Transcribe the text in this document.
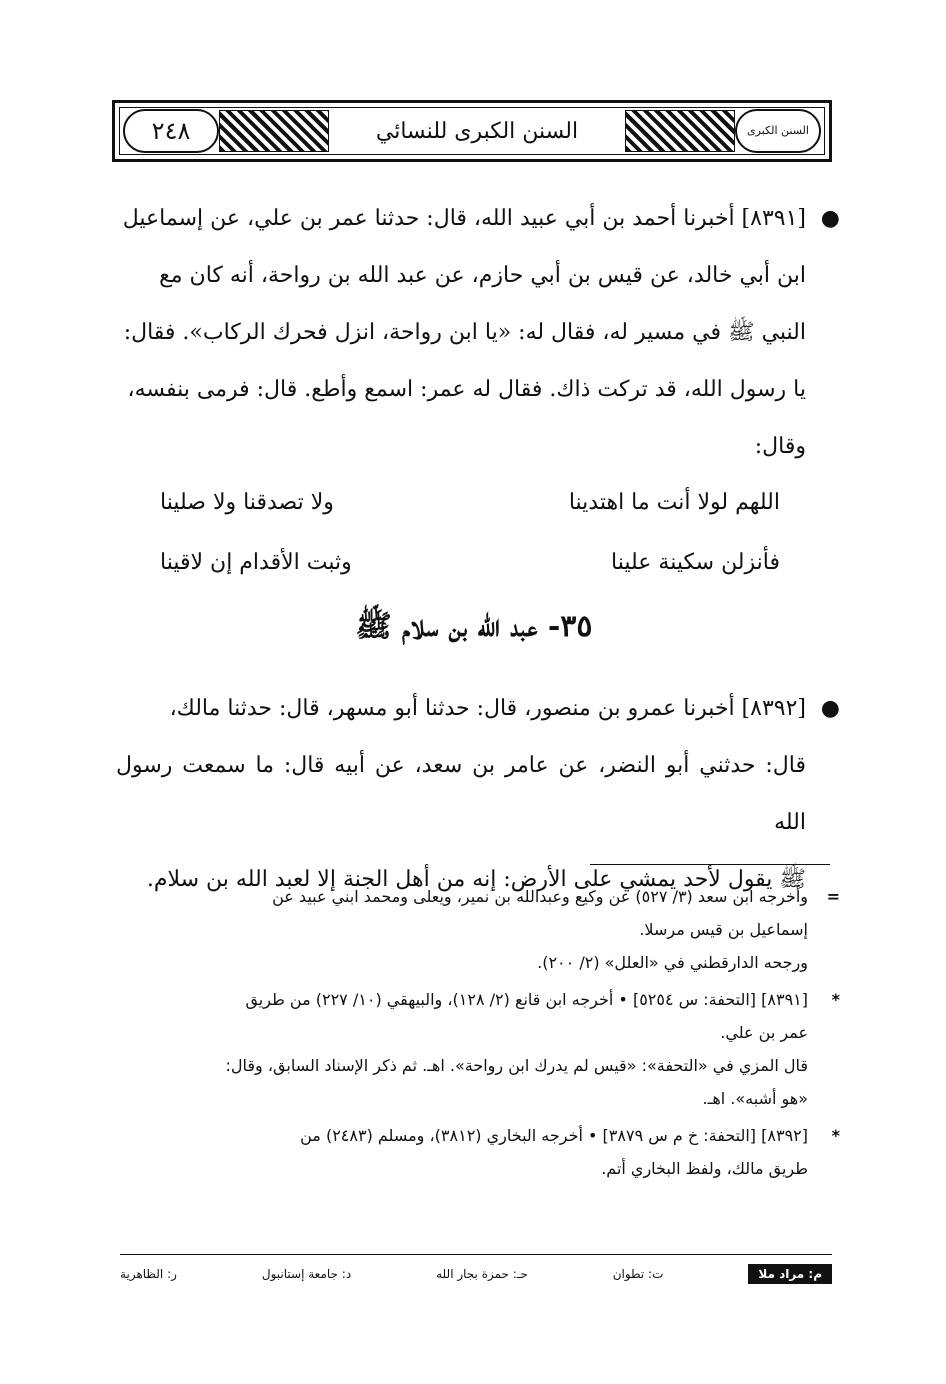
٢٤٨	السنن الكبرى للنسائي	السنن الكبرى
●
[٨٣٩١] أخبرنا أحمد بن أبي عبيد الله، قال: حدثنا عمر بن علي، عن إسماعيل
ابن أبي خالد، عن قيس بن أبي حازم، عن عبد الله بن رواحة، أنه كان مع
النبي ﷺ في مسير له، فقال له: «يا ابن رواحة، انزل فحرك الركاب». فقال:
يا رسول الله، قد تركت ذاك. فقال له عمر: اسمع وأطع. قال: فرمى بنفسه،
وقال:
اللهم لولا أنت ما اهتدينا
ولا تصدقنا ولا صلينا
فأنزلن سكينة علينا
وثبت الأقدام إن لاقينا
٣٥- عبد الله بن سلام ﷺ
●
[٨٣٩٢] أخبرنا عمرو بن منصور، قال: حدثنا أبو مسهر، قال: حدثنا مالك،
قال: حدثني أبو النضر، عن عامر بن سعد، عن أبيه قال: ما سمعت رسول الله
ﷺ يقول لأحد يمشي على الأرض: إنه من أهل الجنة إلا لعبد الله بن سلام.
=
وأخرجه ابن سعد (٣/ ٥٢٧) عن وكيع وعبدالله بن نمير، ويعلى ومحمد ابني عبيد عن
إسماعيل بن قيس مرسلا.
ورجحه الدارقطني في «العلل» (٢/ ٢٠٠).
*
[٨٣٩١] [التحفة: س ٥٢٥٤] • أخرجه ابن قانع (٢/ ١٢٨)، والبيهقي (١٠/ ٢٢٧) من طريق
عمر بن علي.
قال المزي في «التحفة»: «قيس لم يدرك ابن رواحة». اهـ. ثم ذكر الإسناد السابق، وقال:
«هو أشبه». اهـ.
*
[٨٣٩٢] [التحفة: خ م س ٣٨٧٩] • أخرجه البخاري (٣٨١٢)، ومسلم (٢٤٨٣) من
طريق مالك، ولفظ البخاري أتم.
م: مراد ملا
ت: تطوان
حـ: حمزة بجار الله
د: جامعة إستانبول
ر: الظاهرية
